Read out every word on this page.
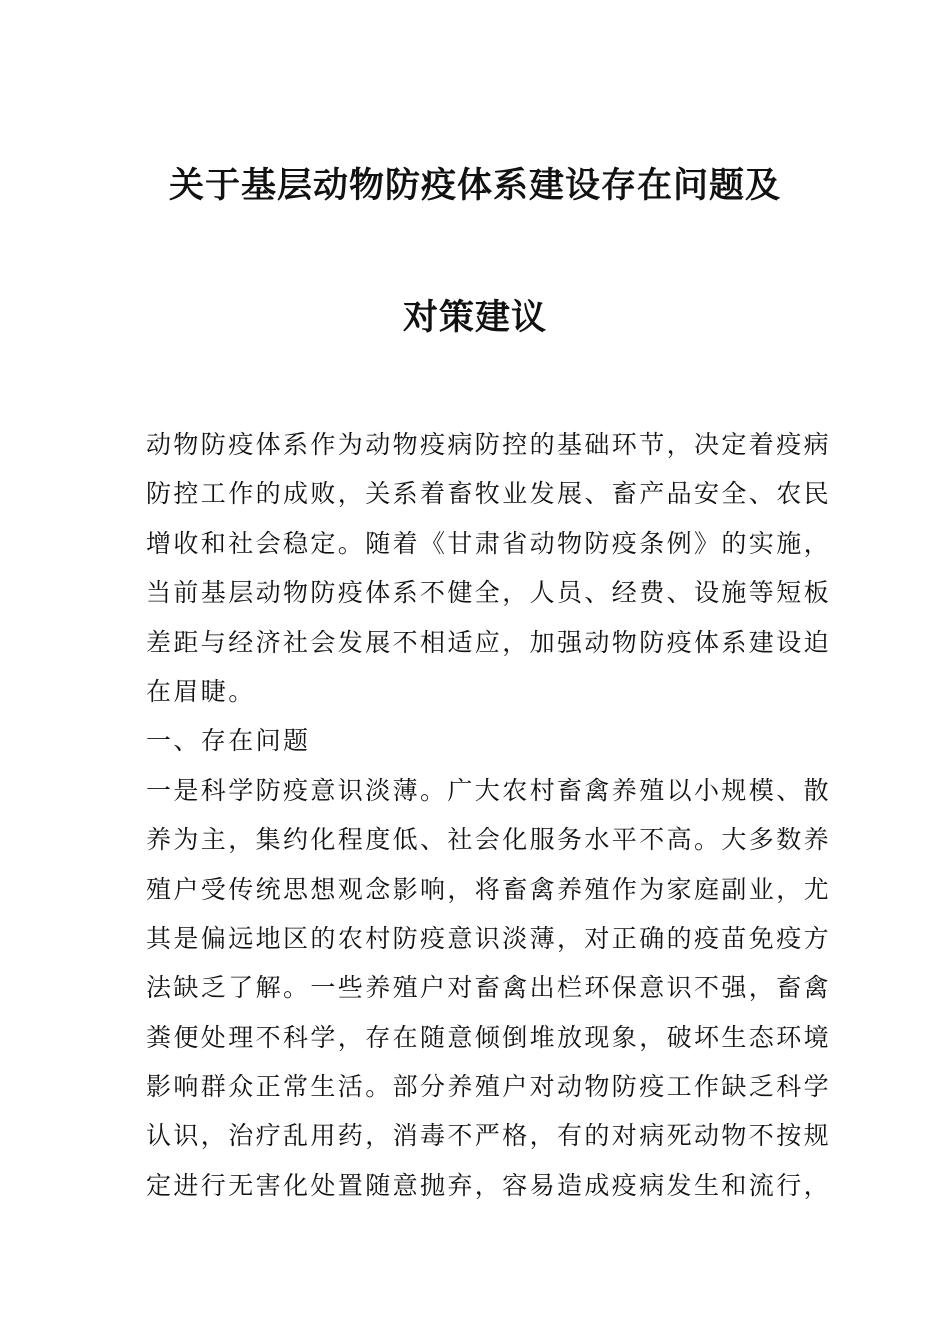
关于基层动物防疫体系建设存在问题及
对策建议
动物防疫体系作为动物疫病防控的基础环节，决定着疫病
防控工作的成败，关系着畜牧业发展、畜产品安全、农民
增收和社会稳定。随着《甘肃省动物防疫条例》的实施，
当前基层动物防疫体系不健全，人员、经费、设施等短板
差距与经济社会发展不相适应，加强动物防疫体系建设迫
在眉睫。
一、存在问题
一是科学防疫意识淡薄。广大农村畜禽养殖以小规模、散
养为主，集约化程度低、社会化服务水平不高。大多数养
殖户受传统思想观念影响，将畜禽养殖作为家庭副业，尤
其是偏远地区的农村防疫意识淡薄，对正确的疫苗免疫方
法缺乏了解。一些养殖户对畜禽出栏环保意识不强，畜禽
粪便处理不科学，存在随意倾倒堆放现象，破坏生态环境
影响群众正常生活。部分养殖户对动物防疫工作缺乏科学
认识，治疗乱用药，消毒不严格，有的对病死动物不按规
定进行无害化处置随意抛弃，容易造成疫病发生和流行，
